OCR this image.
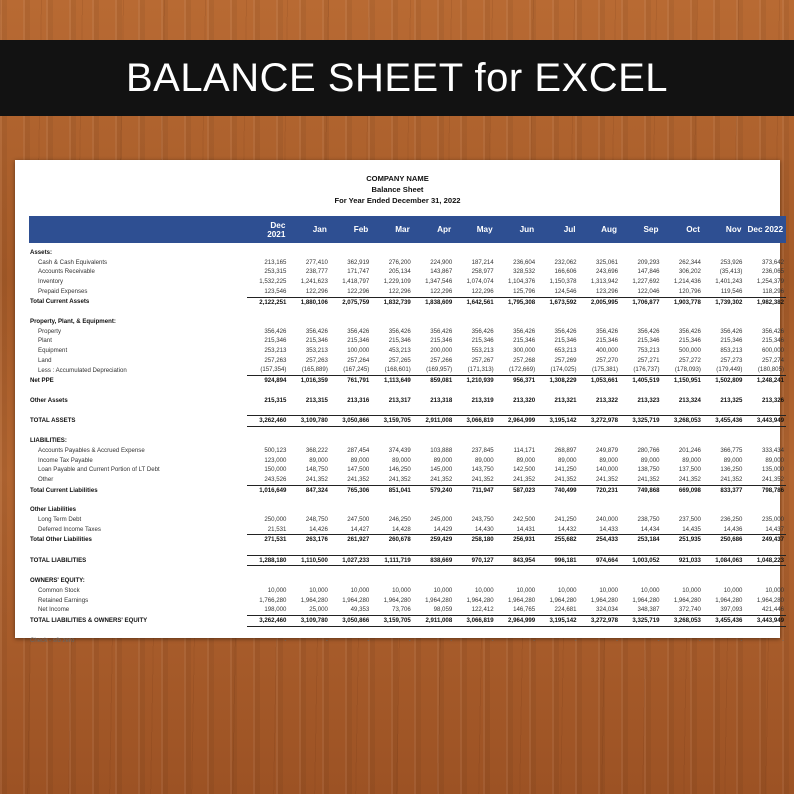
BALANCE SHEET for EXCEL
COMPANY NAME
Balance Sheet
For Year Ended December 31, 2022
	Dec 2021	Jan	Feb	Mar	Apr	May	Jun	Jul	Aug	Sep	Oct	Nov	Dec 2022

Assets:													
Cash & Cash Equivalents	213,165	277,410	362,919	276,200	224,900	187,214	236,604	232,062	325,061	209,293	262,344	253,926	373,642
Accounts Receivable	253,315	238,777	171,747	205,134	143,867	258,977	328,532	166,606	243,696	147,846	306,202	(35,413)	236,065
Inventory	1,532,225	1,241,623	1,418,797	1,229,109	1,347,546	1,074,074	1,104,376	1,150,378	1,313,942	1,227,692	1,214,436	1,401,243	1,254,379
Prepaid Expenses	123,546	122,296	122,296	122,296	122,296	122,296	125,796	124,546	123,296	122,046	120,796	119,546	118,296
Total Current Assets	2,122,251	1,880,106	2,075,759	1,832,739	1,838,609	1,642,561	1,795,308	1,673,592	2,005,995	1,706,877	1,903,778	1,739,302	1,982,382

Property, Plant, & Equipment:													
Property	356,426	356,426	356,426	356,426	356,426	356,426	356,426	356,426	356,426	356,426	356,426	356,426	356,426
Plant	215,346	215,346	215,346	215,346	215,346	215,346	215,346	215,346	215,346	215,346	215,346	215,346	215,346
Equipment	253,213	353,213	100,000	453,213	200,000	553,213	300,000	653,213	400,000	753,213	500,000	853,213	600,000
Land	257,263	257,263	257,264	257,265	257,266	257,267	257,268	257,269	257,270	257,271	257,272	257,273	257,274
Less : Accumulated Depreciation	(157,354)	(165,889)	(167,245)	(168,601)	(169,957)	(171,313)	(172,669)	(174,025)	(175,381)	(176,737)	(178,093)	(179,449)	(180,805)
Net PPE	924,894	1,016,359	761,791	1,113,649	859,081	1,210,939	956,371	1,308,229	1,053,661	1,405,519	1,150,951	1,502,809	1,248,241

Other Assets	215,315	213,315	213,316	213,317	213,318	213,319	213,320	213,321	213,322	213,323	213,324	213,325	213,326

TOTAL ASSETS	3,262,460	3,109,780	3,050,866	3,159,705	2,911,008	3,066,819	2,964,999	3,195,142	3,272,978	3,325,719	3,268,053	3,455,436	3,443,949

LIABILITIES:													
Accounts Payables & Accrued Expense	500,123	368,222	287,454	374,439	103,888	237,845	114,171	268,897	249,879	280,766	201,246	366,775	333,434
Income Tax Payable	123,000	89,000	89,000	89,000	89,000	89,000	89,000	89,000	89,000	89,000	89,000	89,000	89,000
Loan Payable and Current Portion of LT Debt	150,000	148,750	147,500	146,250	145,000	143,750	142,500	141,250	140,000	138,750	137,500	136,250	135,000
Other	243,526	241,352	241,352	241,352	241,352	241,352	241,352	241,352	241,352	241,352	241,352	241,352	241,352
Total Current Liabilities	1,016,649	847,324	765,306	851,041	579,240	711,947	587,023	740,499	720,231	749,868	669,098	833,377	798,786

Other Liabilities													
Long Term Debt	250,000	248,750	247,500	246,250	245,000	243,750	242,500	241,250	240,000	238,750	237,500	236,250	235,000
Deferred Income Taxes	21,531	14,426	14,427	14,428	14,429	14,430	14,431	14,432	14,433	14,434	14,435	14,436	14,437
Total Other Liabilities	271,531	263,176	261,927	260,678	259,429	258,180	256,931	255,682	254,433	253,184	251,935	250,686	249,437

TOTAL LIABILITIES	1,288,180	1,110,500	1,027,233	1,111,719	838,669	970,127	843,954	996,181	974,664	1,003,052	921,033	1,084,063	1,048,223

OWNERS' EQUITY:													
Common Stock	10,000	10,000	10,000	10,000	10,000	10,000	10,000	10,000	10,000	10,000	10,000	10,000	10,000
Retained Earnings	1,766,280	1,964,280	1,964,280	1,964,280	1,964,280	1,964,280	1,964,280	1,964,280	1,964,280	1,964,280	1,964,280	1,964,280	1,964,280
Net Income	198,000	25,000	49,353	73,706	98,059	122,412	146,765	224,681	324,034	348,387	372,740	397,093	421,446
TOTAL LIABILITIES & OWNERS' EQUITY	3,262,460	3,109,780	3,050,866	3,159,705	2,911,008	3,066,819	2,964,999	3,195,142	3,272,978	3,325,719	3,268,053	3,455,436	3,443,949

Check - s/b zero	-	-	-	-	-	-	-	-	-	-	-	-	-
